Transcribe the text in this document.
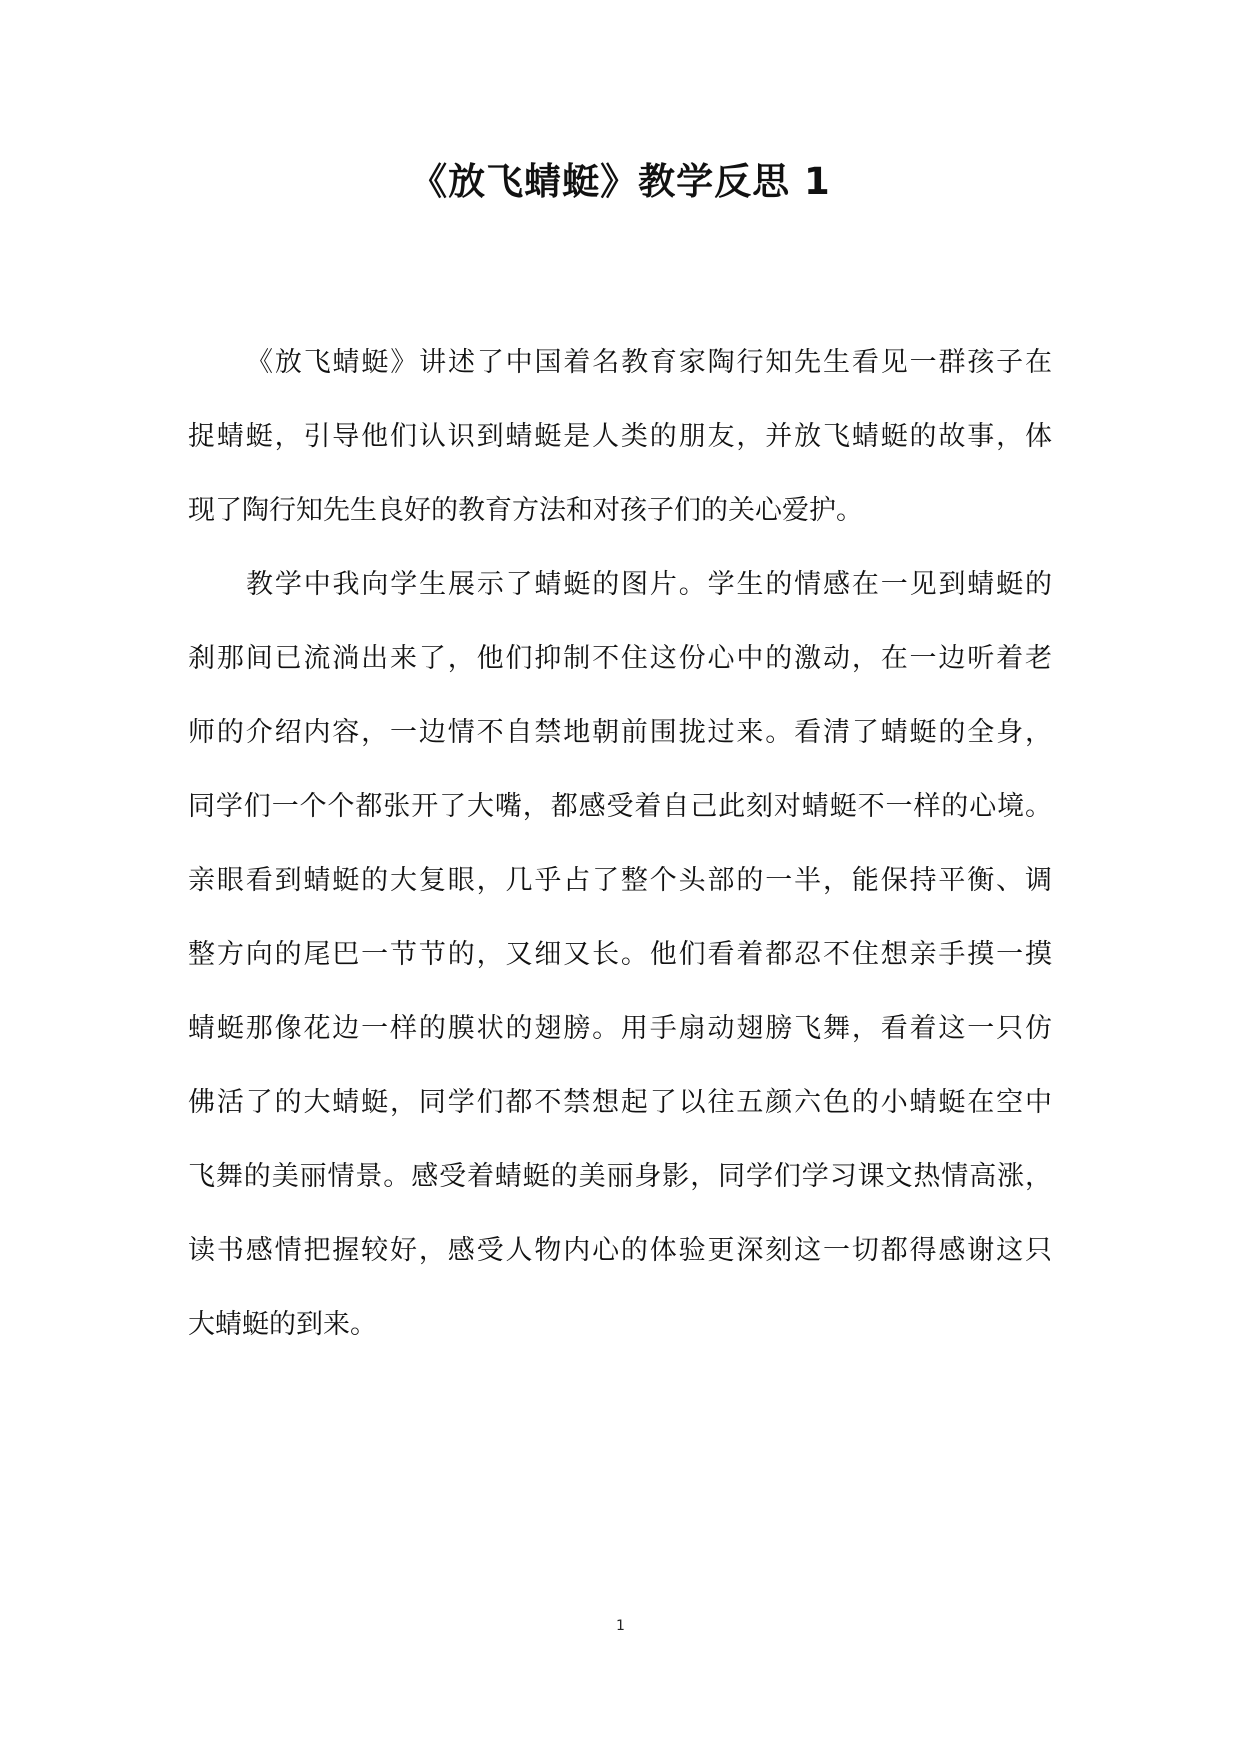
《放飞蜻蜓》教学反思 1
《放飞蜻蜓》讲述了中国着名教育家陶行知先生看见一群孩子在
捉蜻蜓，引导他们认识到蜻蜓是人类的朋友，并放飞蜻蜓的故事，体
现了陶行知先生良好的教育方法和对孩子们的关心爱护。
教学中我向学生展示了蜻蜓的图片。学生的情感在一见到蜻蜓的
刹那间已流淌出来了，他们抑制不住这份心中的激动，在一边听着老
师的介绍内容，一边情不自禁地朝前围拢过来。看清了蜻蜓的全身，
同学们一个个都张开了大嘴，都感受着自己此刻对蜻蜓不一样的心境。
亲眼看到蜻蜓的大复眼，几乎占了整个头部的一半，能保持平衡、调
整方向的尾巴一节节的，又细又长。他们看着都忍不住想亲手摸一摸
蜻蜓那像花边一样的膜状的翅膀。用手扇动翅膀飞舞，看着这一只仿
佛活了的大蜻蜓，同学们都不禁想起了以往五颜六色的小蜻蜓在空中
飞舞的美丽情景。感受着蜻蜓的美丽身影，同学们学习课文热情高涨，
读书感情把握较好，感受人物内心的体验更深刻这一切都得感谢这只
大蜻蜓的到来。
1
